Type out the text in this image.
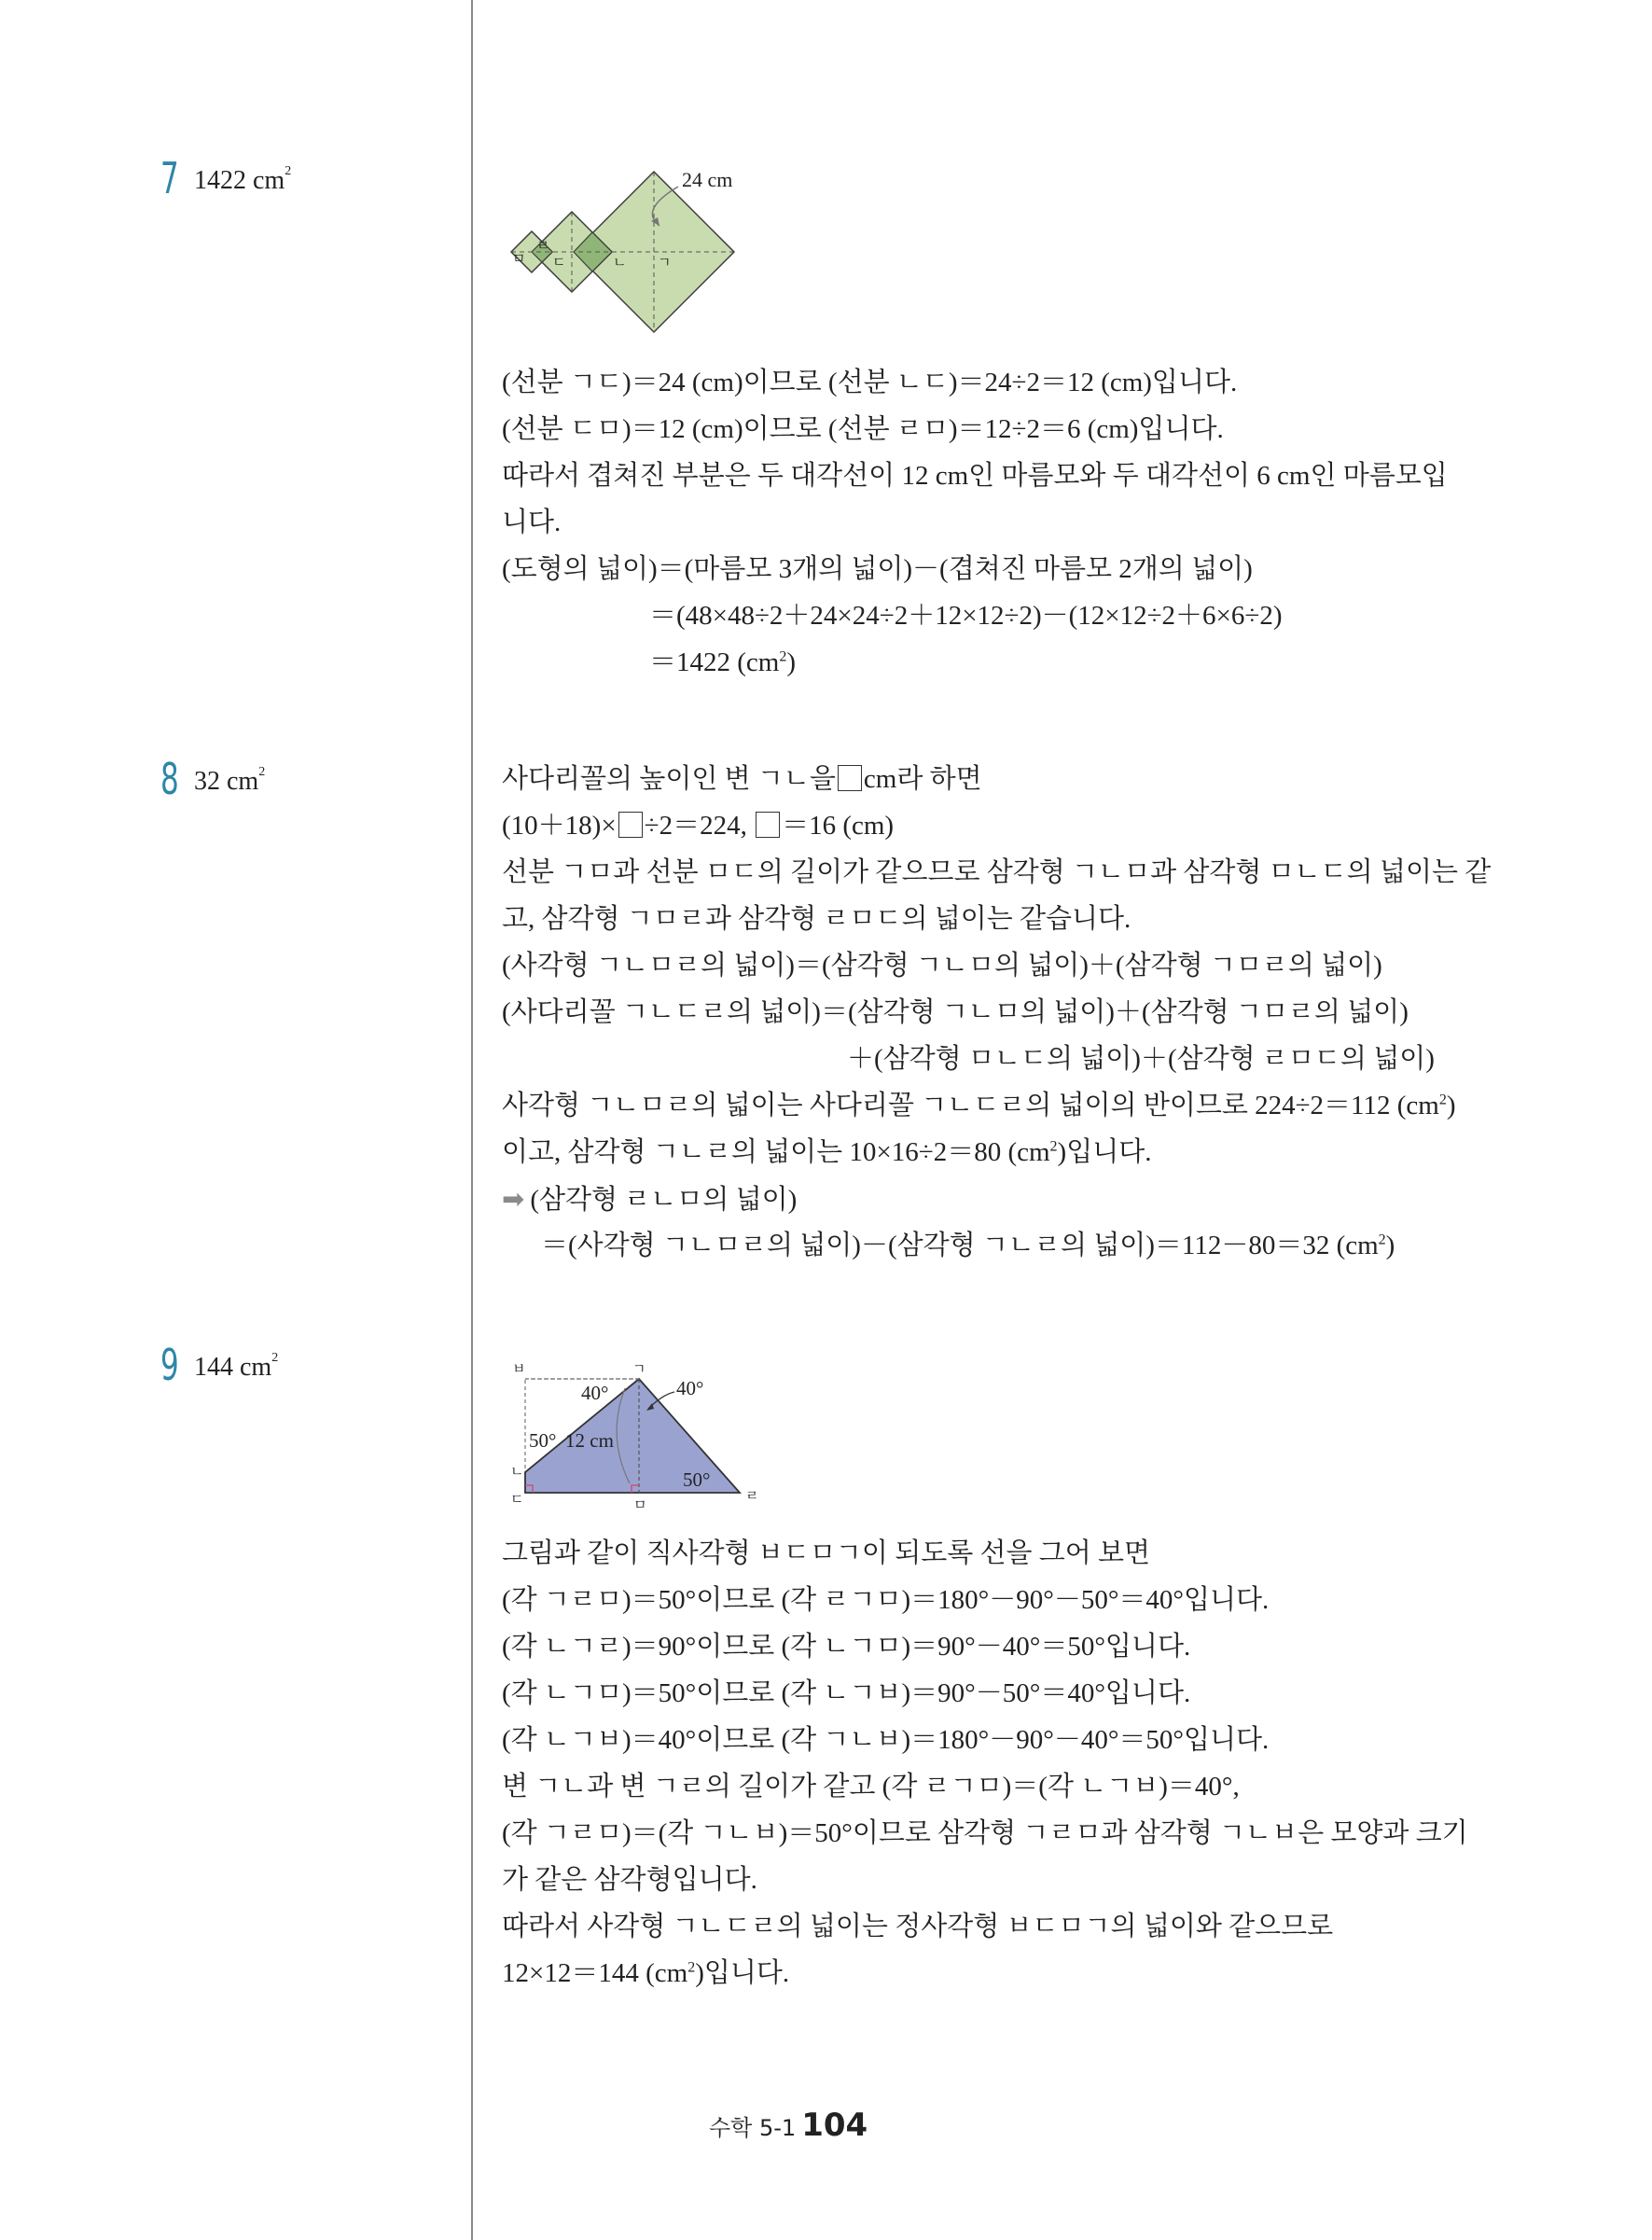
7 1422 $cm^2$	24 cm
ㅁ
ㄹ
ㄷ	ㄴ ㄱ
(선분 ㄱㄷ)＝24 (cm)이므로 (선분 ㄴㄷ)＝24÷2＝12 (cm)입니다.
(선분 ㄷㅁ)＝12 (cm)이므로 (선분 ㄹㅁ)＝12÷2＝6 (cm)입니다.
따라서 겹쳐진 부분은 두 대각선이 12 cm인 마름모와 두 대각선이 6 cm인 마름모입
니다.
(도형의 넓이)＝(마름모 3개의 넓이)－(겹쳐진 마름모 2개의 넓이)
＝(48×48÷2＋24×24÷2＋12×12÷2)－(12×12÷2＋6×6÷2)
＝1422 $(cm^2)$
8 32 $cm^2$	사다리꼴의 높이인 변 ㄱㄴ을 cm라 하면
(10＋18)× ÷2＝224, ＝16 (cm)
선분 ㄱㅁ과 선분 ㅁㄷ의 길이가 같으므로 삼각형 ㄱㄴㅁ과 삼각형 ㅁㄴㄷ의 넓이는 같
고, 삼각형 ㄱㅁㄹ과 삼각형 ㄹㅁㄷ의 넓이는 같습니다.
(사각형 ㄱㄴㅁㄹ의 넓이)＝(삼각형 ㄱㄴㅁ의 넓이)＋(삼각형 ㄱㅁㄹ의 넓이)
(사다리꼴 ㄱㄴㄷㄹ의 넓이)＝(삼각형 ㄱㄴㅁ의 넓이)＋(삼각형 ㄱㅁㄹ의 넓이)
＋(삼각형 ㅁㄴㄷ의 넓이)＋(삼각형 ㄹㅁㄷ의 넓이)
사각형 ㄱㄴㅁㄹ의 넓이는 사다리꼴 ㄱㄴㄷㄹ의 넓이의 반이므로 224÷2＝112 $(cm^2)$
이고, 삼각형 ㄱㄴㄹ의 넓이는 10×16÷2＝80 $(cm^2)$입니다.
➡ (삼각형 ㄹㄴㅁ의 넓이)
＝(사각형 ㄱㄴㅁㄹ의 넓이)－(삼각형 ㄱㄴㄹ의 넓이)＝112－80＝32 $(cm^2)$
9 144 $cm^2$
40°	40°
50° 12 cm
50°
ㅂ	ㄱ
ㄴ
ㄷ	ㅁ
ㄹ
그림과 같이 직사각형 ㅂㄷㅁㄱ이 되도록 선을 그어 보면
(각 ㄱㄹㅁ)＝50°이므로 (각 ㄹㄱㅁ)＝180°－90°－50°＝40°입니다.
(각 ㄴㄱㄹ)＝90°이므로 (각 ㄴㄱㅁ)＝90°－40°＝50°입니다.
(각 ㄴㄱㅁ)＝50°이므로 (각 ㄴㄱㅂ)＝90°－50°＝40°입니다.
(각 ㄴㄱㅂ)＝40°이므로 (각 ㄱㄴㅂ)＝180°－90°－40°＝50°입니다.
변 ㄱㄴ과 변 ㄱㄹ의 길이가 같고 (각 ㄹㄱㅁ)＝(각 ㄴㄱㅂ)＝40°,
(각 ㄱㄹㅁ)＝(각 ㄱㄴㅂ)＝50°이므로 삼각형 ㄱㄹㅁ과 삼각형 ㄱㄴㅂ은 모양과 크기
가 같은 삼각형입니다.
따라서 사각형 ㄱㄴㄷㄹ의 넓이는 정사각형 ㅂㄷㅁㄱ의 넓이와 같으므로
12×12＝144 $(cm^2)$입니다.
수학 5-1 104
